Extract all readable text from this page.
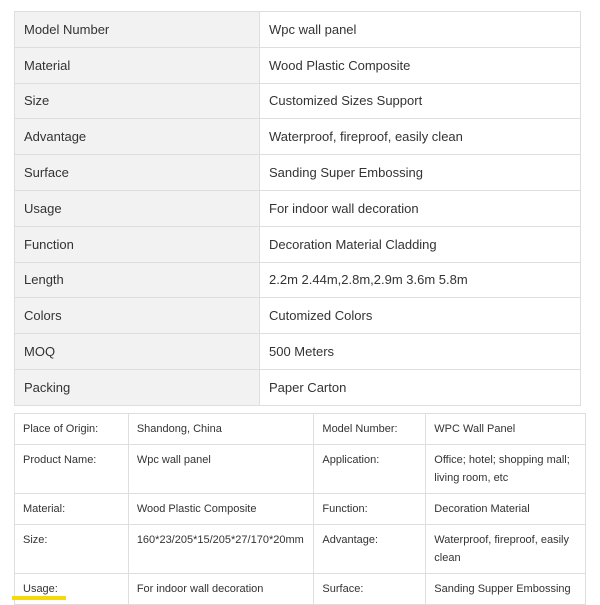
Model Number	Wpc wall panel
Material	Wood Plastic Composite
Size	Customized Sizes Support
Advantage	Waterproof, fireproof, easily clean
Surface	Sanding Super Embossing
Usage	For indoor wall decoration
Function	Decoration Material Cladding
Length	2.2m 2.44m,2.8m,2.9m 3.6m 5.8m
Colors	Cutomized Colors
MOQ	500 Meters
Packing	Paper Carton
Place of Origin:	Shandong, China	Model Number:	WPC Wall Panel
Product Name:	Wpc wall panel	Application:	Office; hotel; shopping mall; living room, etc
Material:	Wood Plastic Composite	Function:	Decoration Material
Size:	160*23/205*15/205*27/170*20mm	Advantage:	Waterproof, fireproof, easily clean
Usage:	For indoor wall decoration	Surface:	Sanding Supper Embossing
